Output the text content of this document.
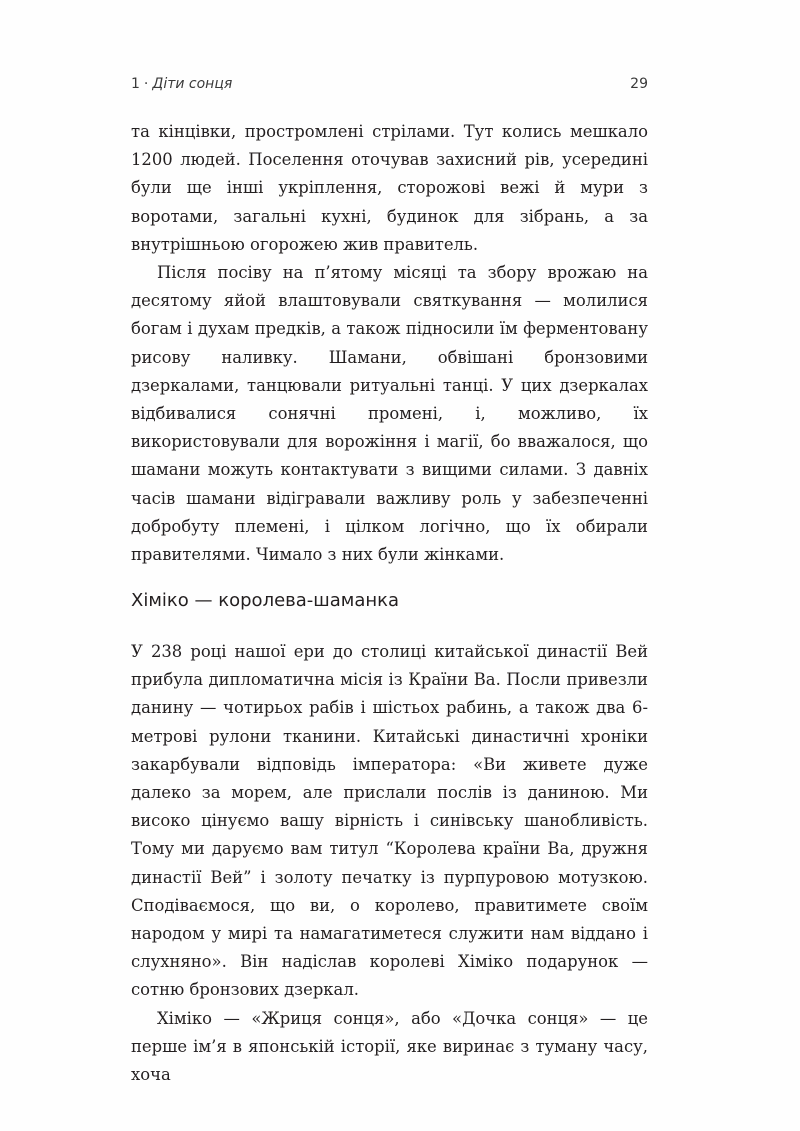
1 · Діти сонця	29

та кінцівки, простромлені стрілами. Тут колись мешкало 1200 людей. Поселення оточував захисний рів, усередині були ще інші укріплення, сторожові вежі й мури з воротами, загальні кухні, будинок для зібрань, а за внутрішньою огорожею жив правитель.

Після посіву на п’ятому місяці та збору врожаю на десятому яйой влаштовували святкування — молилися богам і духам предків, а також підносили їм ферментовану рисову наливку. Шамани, обвішані бронзовими дзеркалами, танцювали ритуальні танці. У цих дзеркалах відбивалися сонячні промені, і, можливо, їх використовували для ворожіння і магії, бо вважалося, що шамани можуть контактувати з вищими силами. З давніх часів шамани відігравали важливу роль у забезпеченні добробуту племені, і цілком логічно, що їх обирали правителями. Чимало з них були жінками.

Хіміко — королева-шаманка

У 238 році нашої ери до столиці китайської династії Вей прибула дипломатична місія із Країни Ва. Посли привезли данину — чотирьох рабів і шістьох рабинь, а також два 6-метрові рулони тканини. Китайські династичні хроніки закарбували відповідь імператора: «Ви живете дуже далеко за морем, але прислали послів із даниною. Ми високо цінуємо вашу вірність і синівську шанобливість. Тому ми даруємо вам титул “Королева країни Ва, дружня династії Вей” і золоту печатку із пурпуровою мотузкою. Сподіваємося, що ви, о королево, правитимете своїм народом у мирі та намагатиметеся служити нам віддано і слухняно». Він надіслав королеві Хіміко подарунок — сотню бронзових дзеркал.

Хіміко — «Жриця сонця», або «Дочка сонця» — це перше ім’я в японській історії, яке виринає з туману часу, хоча
